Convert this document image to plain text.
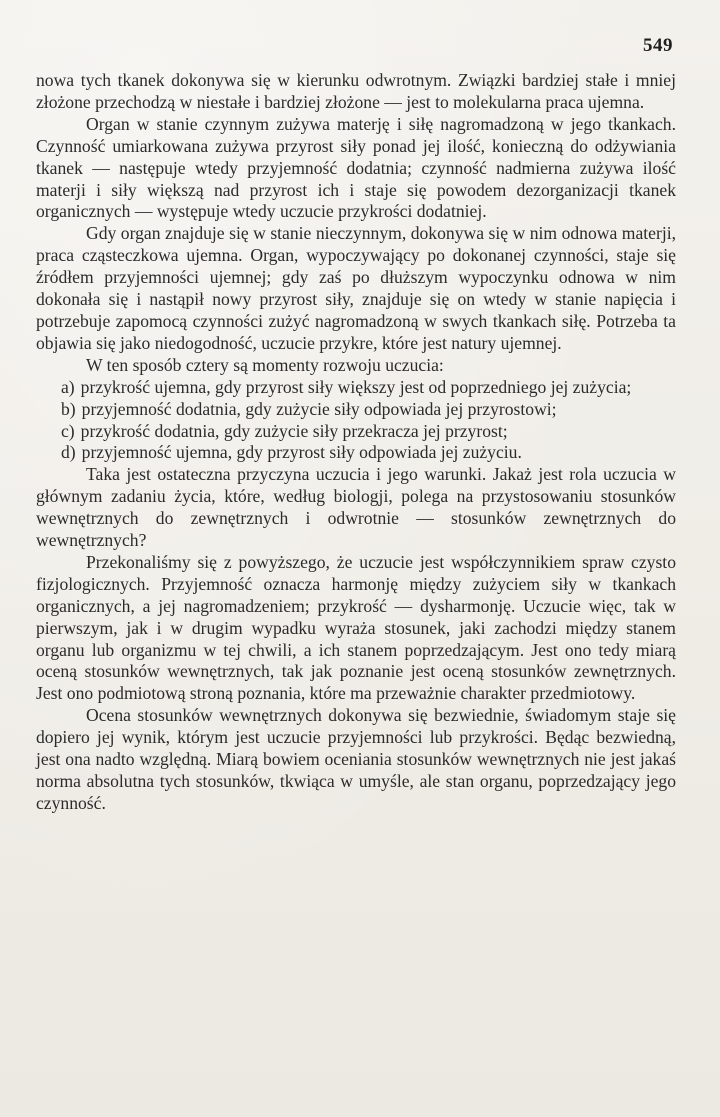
549

nowa tych tkanek dokonywa się w kierunku odwrotnym. Związki bardziej stałe i mniej złożone przechodzą w niestałe i bardziej złożone — jest to molekularna praca ujemna.

Organ w stanie czynnym zużywa materję i siłę nagromadzoną w jego tkankach. Czynność umiarkowana zużywa przyrost siły ponad jej ilość, konieczną do odżywiania tkanek — następuje wtedy przyjemność dodatnia; czynność nadmierna zużywa ilość materji i siły większą nad przyrost ich i staje się powodem dezorganizacji tkanek organicznych — występuje wtedy uczucie przykrości dodatniej.

Gdy organ znajduje się w stanie nieczynnym, dokonywa się w nim odnowa materji, praca cząsteczkowa ujemna. Organ, wypoczywający po dokonanej czynności, staje się źródłem przyjemności ujemnej; gdy zaś po dłuższym wypoczynku odnowa w nim dokonała się i nastąpił nowy przyrost siły, znajduje się on wtedy w stanie napięcia i potrzebuje zapomocą czynności zużyć nagromadzoną w swych tkankach siłę. Potrzeba ta objawia się jako niedogodność, uczucie przykre, które jest natury ujemnej.

W ten sposób cztery są momenty rozwoju uczucia:

a) przykrość ujemna, gdy przyrost siły większy jest od poprzedniego jej zużycia;
b) przyjemność dodatnia, gdy zużycie siły odpowiada jej przyrostowi;
c) przykrość dodatnia, gdy zużycie siły przekracza jej przyrost;
d) przyjemność ujemna, gdy przyrost siły odpowiada jej zużyciu.

Taka jest ostateczna przyczyna uczucia i jego warunki. Jakaż jest rola uczucia w głównym zadaniu życia, które, według biologji, polega na przystosowaniu stosunków wewnętrznych do zewnętrznych i odwrotnie — stosunków zewnętrznych do wewnętrznych?

Przekonaliśmy się z powyższego, że uczucie jest współczynnikiem spraw czysto fizjologicznych. Przyjemność oznacza harmonję między zużyciem siły w tkankach organicznych, a jej nagromadzeniem; przykrość — dysharmonję. Uczucie więc, tak w pierwszym, jak i w drugim wypadku wyraża stosunek, jaki zachodzi między stanem organu lub organizmu w tej chwili, a ich stanem poprzedzającym. Jest ono tedy miarą oceną stosunków wewnętrznych, tak jak poznanie jest oceną stosunków zewnętrznych. Jest ono podmiotową stroną poznania, które ma przeważnie charakter przedmiotowy.

Ocena stosunków wewnętrznych dokonywa się bezwiednie, świadomym staje się dopiero jej wynik, którym jest uczucie przyjemności lub przykrości. Będąc bezwiedną, jest ona nadto względną. Miarą bowiem oceniania stosunków wewnętrznych nie jest jakaś norma absolutna tych stosunków, tkwiąca w umyśle, ale stan organu, poprzedzający jego czynność.
